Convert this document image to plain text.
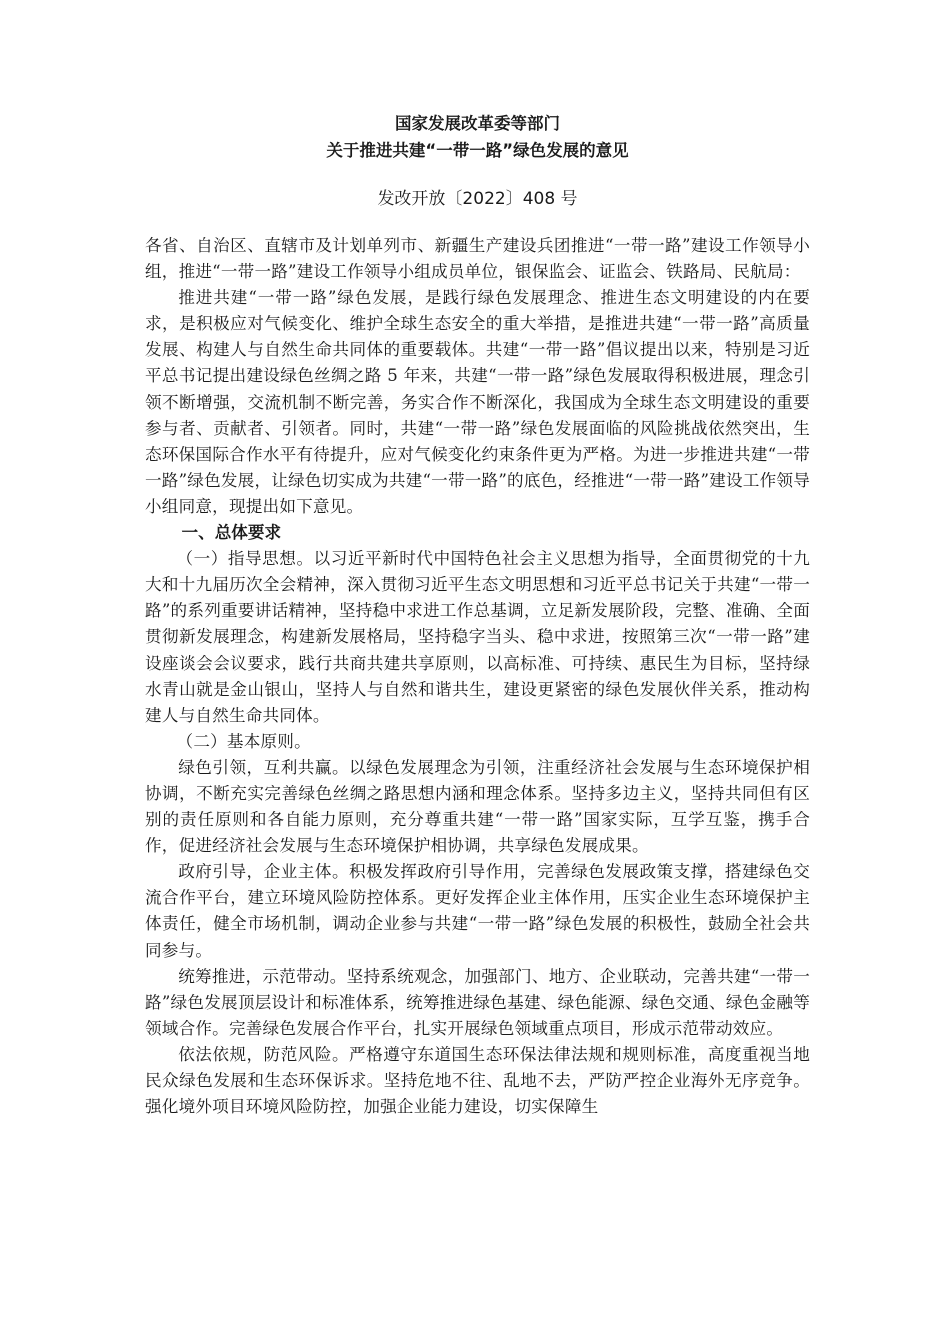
国家发展改革委等部门
关于推进共建“一带一路”绿色发展的意见
发改开放〔2022〕408 号

各省、自治区、直辖市及计划单列市、新疆生产建设兵团推进“一带一路”建设工作领导小组，推进“一带一路”建设工作领导小组成员单位，银保监会、证监会、铁路局、民航局：

推进共建“一带一路”绿色发展，是践行绿色发展理念、推进生态文明建设的内在要求，是积极应对气候变化、维护全球生态安全的重大举措，是推进共建“一带一路”高质量发展、构建人与自然生命共同体的重要载体。共建“一带一路”倡议提出以来，特别是习近平总书记提出建设绿色丝绸之路 5 年来，共建“一带一路”绿色发展取得积极进展，理念引领不断增强，交流机制不断完善，务实合作不断深化，我国成为全球生态文明建设的重要参与者、贡献者、引领者。同时，共建“一带一路”绿色发展面临的风险挑战依然突出，生态环保国际合作水平有待提升，应对气候变化约束条件更为严格。为进一步推进共建“一带一路”绿色发展，让绿色切实成为共建“一带一路”的底色，经推进“一带一路”建设工作领导小组同意，现提出如下意见。

一、总体要求

（一）指导思想。以习近平新时代中国特色社会主义思想为指导，全面贯彻党的十九大和十九届历次全会精神，深入贯彻习近平生态文明思想和习近平总书记关于共建“一带一路”的系列重要讲话精神，坚持稳中求进工作总基调，立足新发展阶段，完整、准确、全面贯彻新发展理念，构建新发展格局，坚持稳字当头、稳中求进，按照第三次“一带一路”建设座谈会会议要求，践行共商共建共享原则，以高标准、可持续、惠民生为目标，坚持绿水青山就是金山银山，坚持人与自然和谐共生，建设更紧密的绿色发展伙伴关系，推动构建人与自然生命共同体。

（二）基本原则。

绿色引领，互利共赢。以绿色发展理念为引领，注重经济社会发展与生态环境保护相协调，不断充实完善绿色丝绸之路思想内涵和理念体系。坚持多边主义，坚持共同但有区别的责任原则和各自能力原则，充分尊重共建“一带一路”国家实际，互学互鉴，携手合作，促进经济社会发展与生态环境保护相协调，共享绿色发展成果。

政府引导，企业主体。积极发挥政府引导作用，完善绿色发展政策支撑，搭建绿色交流合作平台，建立环境风险防控体系。更好发挥企业主体作用，压实企业生态环境保护主体责任，健全市场机制，调动企业参与共建“一带一路”绿色发展的积极性，鼓励全社会共同参与。

统筹推进，示范带动。坚持系统观念，加强部门、地方、企业联动，完善共建“一带一路”绿色发展顶层设计和标准体系，统筹推进绿色基建、绿色能源、绿色交通、绿色金融等领域合作。完善绿色发展合作平台，扎实开展绿色领域重点项目，形成示范带动效应。

依法依规，防范风险。严格遵守东道国生态环保法律法规和规则标准，高度重视当地民众绿色发展和生态环保诉求。坚持危地不往、乱地不去，严防严控企业海外无序竞争。强化境外项目环境风险防控，加强企业能力建设，切实保障生
